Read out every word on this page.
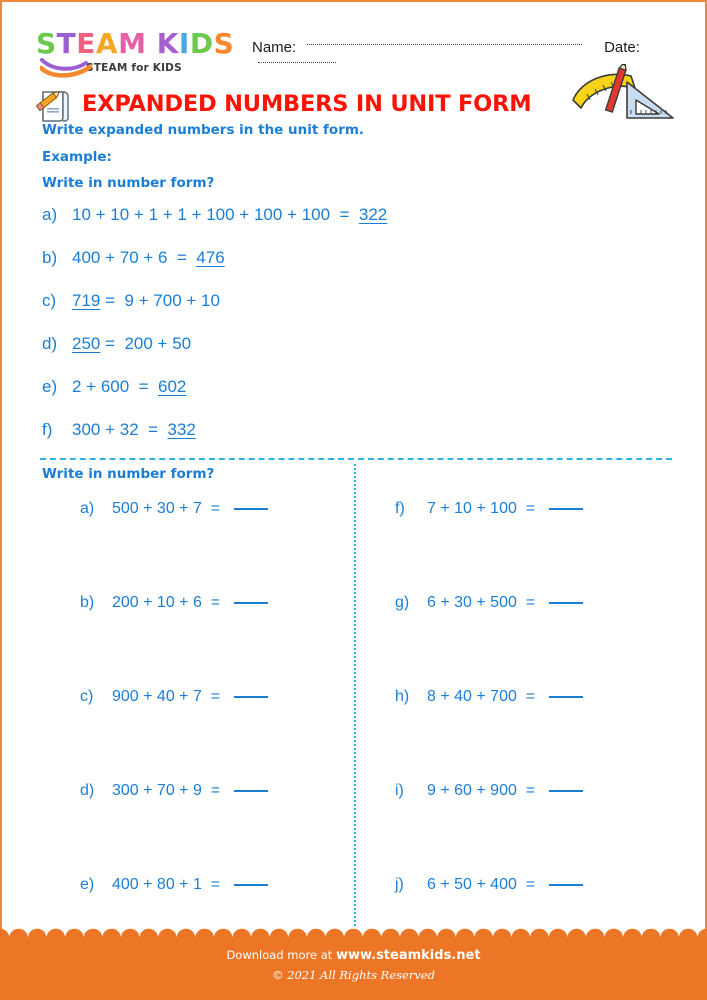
STEAM KIDS
STEAM for KIDS
Name:	Date:
EXPANDED NUMBERS IN UNIT FORM
Write expanded numbers in the unit form.
Example:
Write in number form?
a) 10 + 10 + 1 + 1 + 100 + 100 + 100  = 322
b) 400 + 70 + 6  = 476
c) 719 =  9 + 700 + 10
d) 250 =  200 + 50
e) 2 + 600  = 602
f)	300 + 32  = 332
Write in number form?
a)	500 + 30 + 7  =
b)	200 + 10 + 6  =
c)	900 + 40 + 7  =
d)	300 + 70 + 9  =
e)	400 + 80 + 1  =
f)	7 + 10 + 100  =
g)	6 + 30 + 500  =
h)	8 + 40 + 700  =
i)	9 + 60 + 900  =
j)	6 + 50 + 400  =
Download more at www.steamkids.net
© 2021 All Rights Reserved
